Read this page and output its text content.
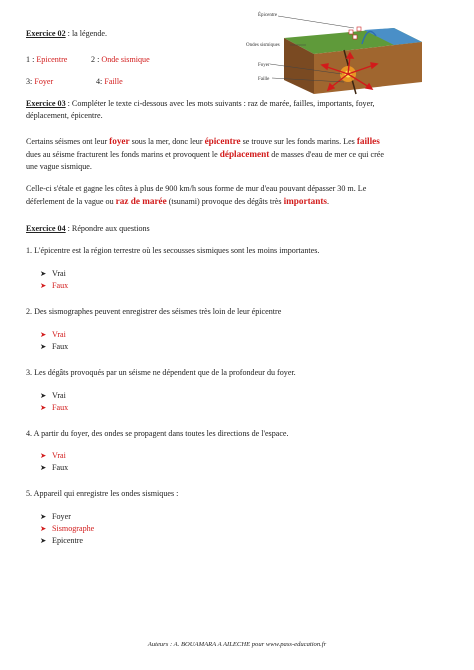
Exercice 02 : la légende.
1 : Epicentre	2 : Onde sismique
3: Foyer	4: Faille
Épicentre
Ondes sismiques
Foyer
Faille
Exercice 03 : Compléter le texte ci-dessous avec les mots suivants : raz de marée, failles, importants, foyer,
déplacement, épicentre.
Certains séismes ont leur foyer sous la mer, donc leur épicentre se trouve sur les fonds marins. Les failles
dues au séisme fracturent les fonds marins et provoquent le déplacement de masses d'eau de mer ce qui crée
une vague sismique.
Celle-ci s'étale et gagne les côtes à plus de 900 km/h sous forme de mur d'eau pouvant dépasser 30 m. Le
déferlement de la vague ou raz de marée (tsunami) provoque des dégâts très importants.
Exercice 04 : Répondre aux questions
1. L'épicentre est la région terrestre où les secousses sismiques sont les moins importantes.
➤ Vrai
➤ Faux
2. Des sismographes peuvent enregistrer des séismes très loin de leur épicentre
➤ Vrai
➤ Faux
3. Les dégâts provoqués par un séisme ne dépendent que de la profondeur du foyer.
➤ Vrai
➤ Faux
4. A partir du foyer, des ondes se propagent dans toutes les directions de l'espace.
➤ Vrai
➤ Faux
5. Appareil qui enregistre les ondes sismiques :
➤ Foyer
➤ Sismographe
➤ Epicentre
Auteurs : A. BOUAMARA A AILECHE pour www.pass-education.fr
